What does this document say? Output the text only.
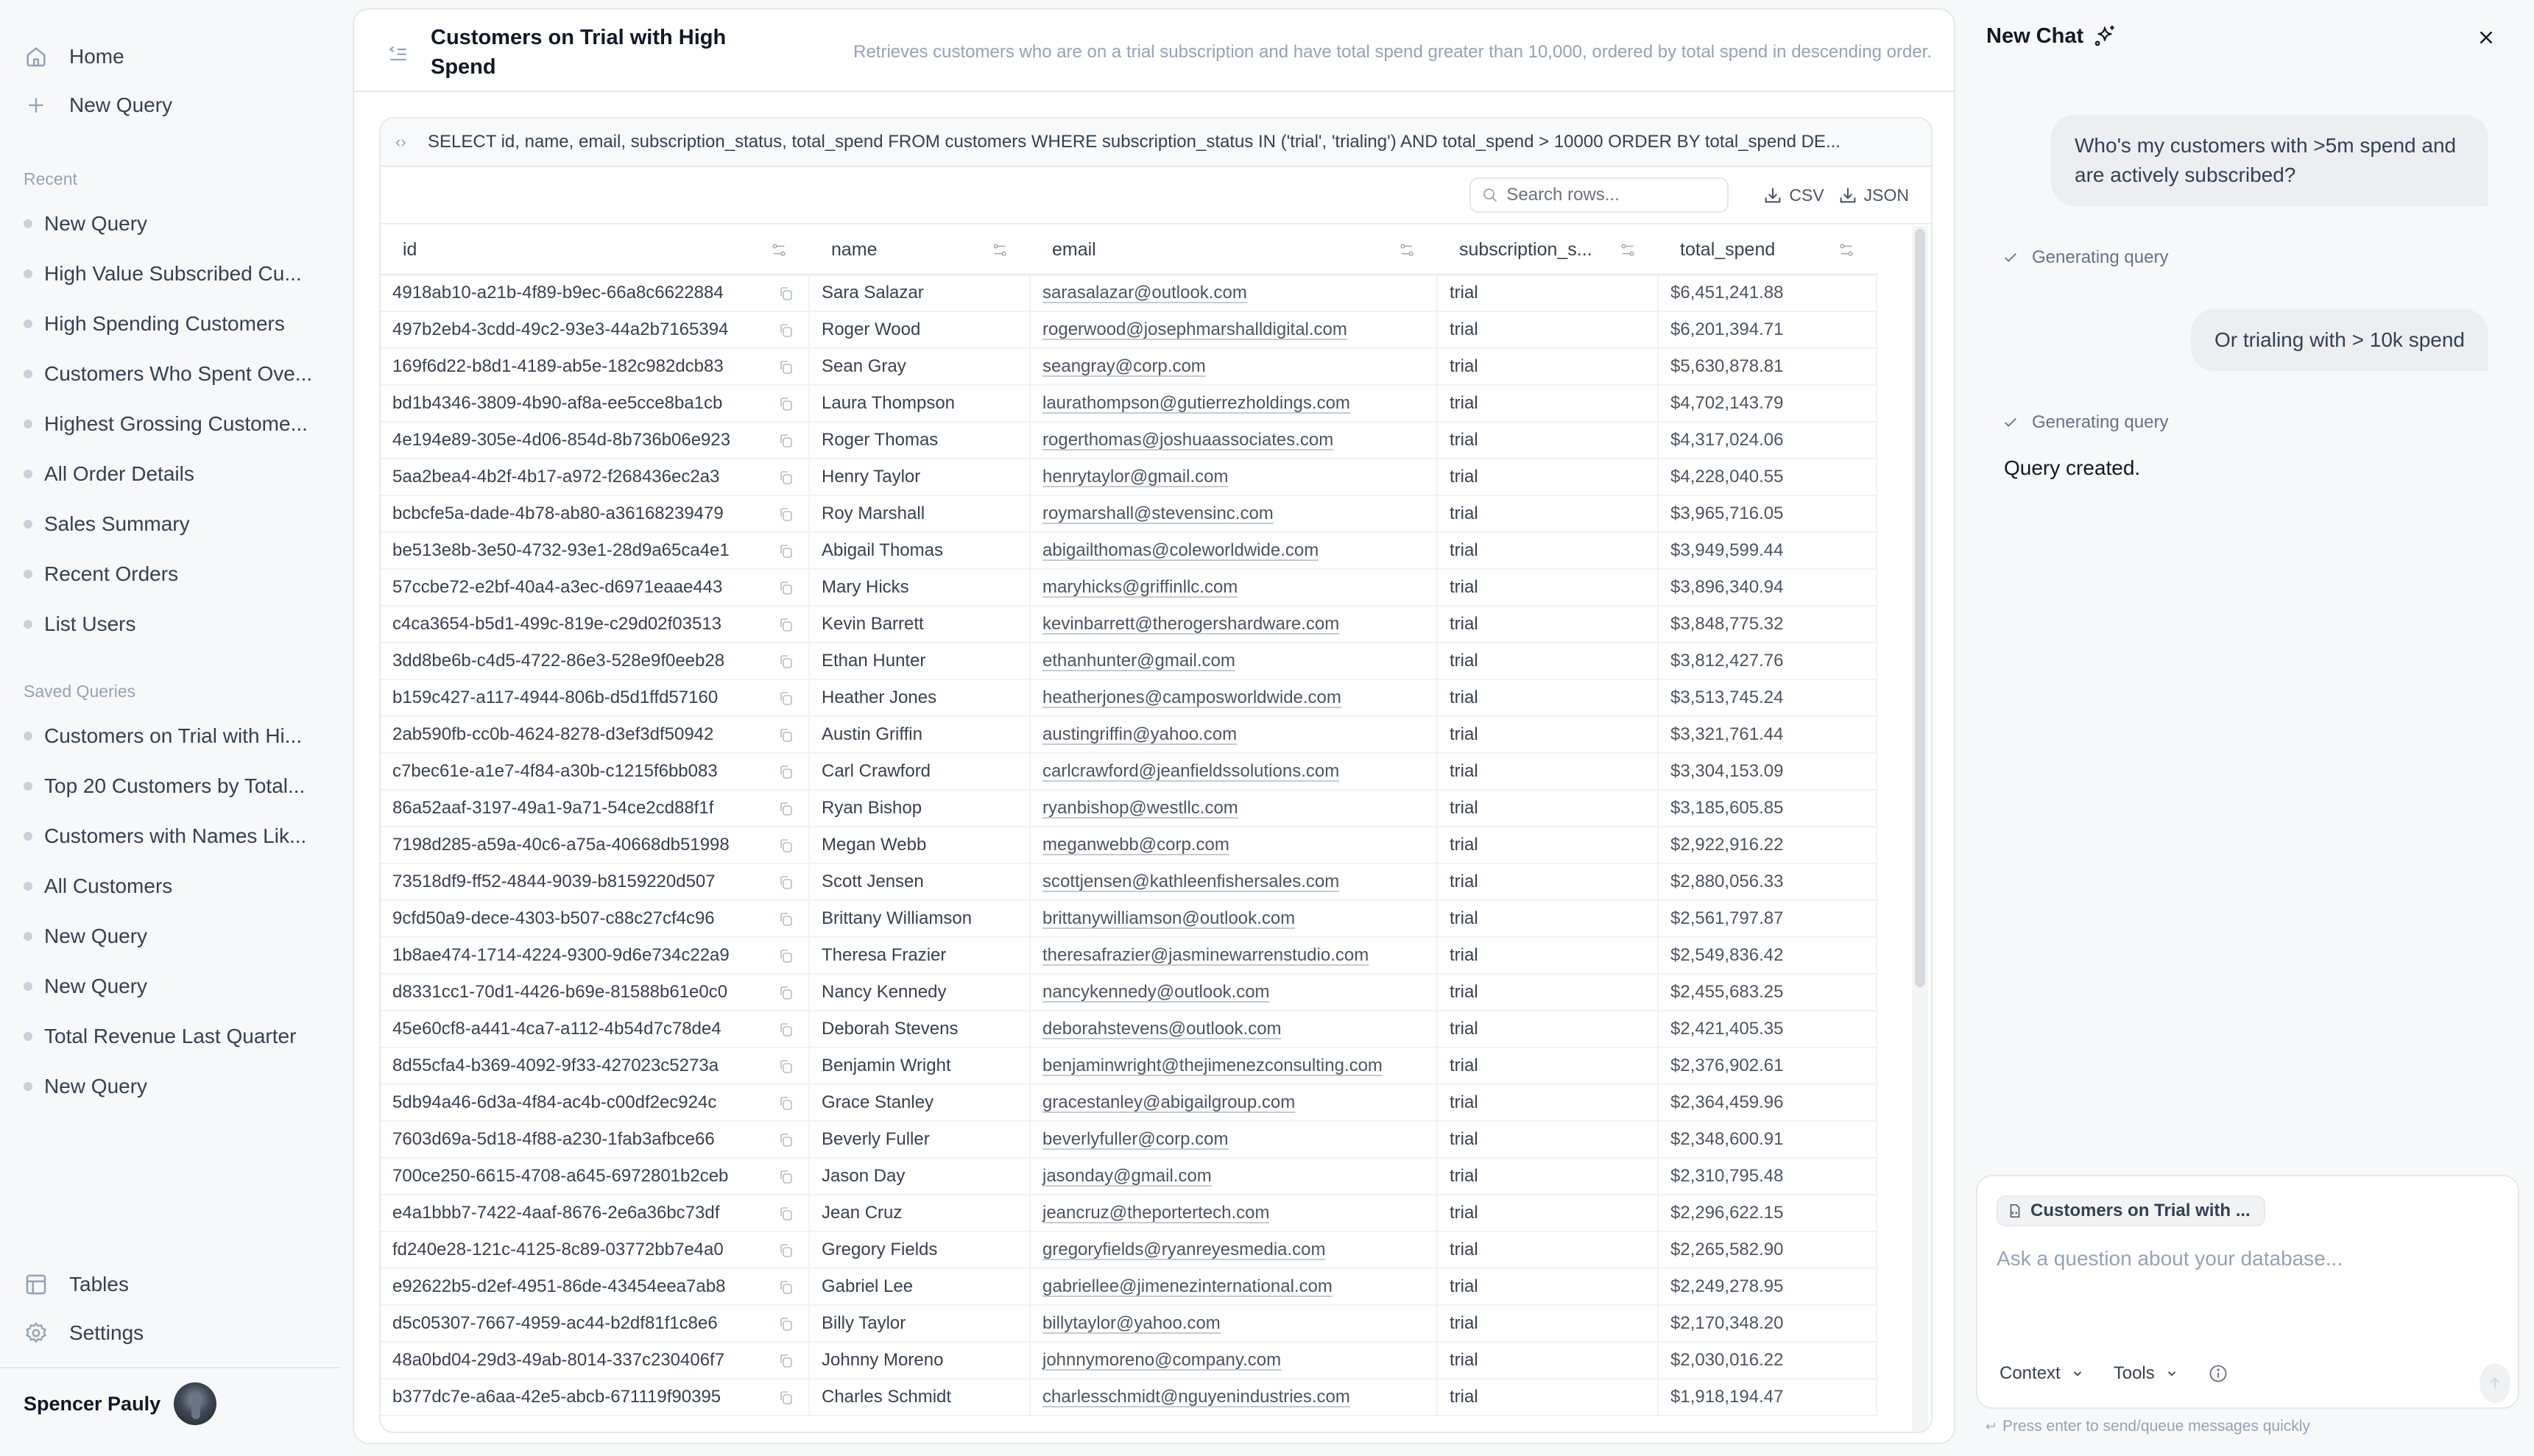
Home
New Query
Recent
New Query
High Value Subscribed Cu...
High Spending Customers
Customers Who Spent Ove...
Highest Grossing Custome...
All Order Details
Sales Summary
Recent Orders
List Users
Saved Queries
Customers on Trial with Hi...
Top 20 Customers by Total...
Customers with Names Lik...
All Customers
New Query
New Query
Total Revenue Last Quarter
New Query
Tables
Settings
Spencer Pauly
Customers on Trial with High Spend

Retrieves customers who are on a trial subscription and have total spend greater than 10,000, ordered by total spend in descending order.

‹›	SELECT id, name, email, subscription_status, total_spend FROM customers WHERE subscription_status IN ('trial', 'trialing') AND total_spend > 10000 ORDER BY total_spend DE...
Search rows...
CSV JSON
id	name	email	subscription_s...	total_spend

4918ab10-a21b-4f89-b9ec-66a8c6622884	Sara Salazar	sarasalazar@outlook.com	trial	$6,451,241.88
497b2eb4-3cdd-49c2-93e3-44a2b7165394	Roger Wood	rogerwood@josephmarshalldigital.com	trial	$6,201,394.71
169f6d22-b8d1-4189-ab5e-182c982dcb83	Sean Gray	seangray@corp.com	trial	$5,630,878.81
bd1b4346-3809-4b90-af8a-ee5cce8ba1cb	Laura Thompson	laurathompson@gutierrezholdings.com	trial	$4,702,143.79
4e194e89-305e-4d06-854d-8b736b06e923	Roger Thomas	rogerthomas@joshuaassociates.com	trial	$4,317,024.06
5aa2bea4-4b2f-4b17-a972-f268436ec2a3	Henry Taylor	henrytaylor@gmail.com	trial	$4,228,040.55
bcbcfe5a-dade-4b78-ab80-a36168239479	Roy Marshall	roymarshall@stevensinc.com	trial	$3,965,716.05
be513e8b-3e50-4732-93e1-28d9a65ca4e1	Abigail Thomas	abigailthomas@coleworldwide.com	trial	$3,949,599.44
57ccbe72-e2bf-40a4-a3ec-d6971eaae443	Mary Hicks	maryhicks@griffinllc.com	trial	$3,896,340.94
c4ca3654-b5d1-499c-819e-c29d02f03513	Kevin Barrett	kevinbarrett@therogershardware.com	trial	$3,848,775.32
3dd8be6b-c4d5-4722-86e3-528e9f0eeb28	Ethan Hunter	ethanhunter@gmail.com	trial	$3,812,427.76
b159c427-a117-4944-806b-d5d1ffd57160	Heather Jones	heatherjones@camposworldwide.com	trial	$3,513,745.24
2ab590fb-cc0b-4624-8278-d3ef3df50942	Austin Griffin	austingriffin@yahoo.com	trial	$3,321,761.44
c7bec61e-a1e7-4f84-a30b-c1215f6bb083	Carl Crawford	carlcrawford@jeanfieldssolutions.com	trial	$3,304,153.09
86a52aaf-3197-49a1-9a71-54ce2cd88f1f	Ryan Bishop	ryanbishop@westllc.com	trial	$3,185,605.85
7198d285-a59a-40c6-a75a-40668db51998	Megan Webb	meganwebb@corp.com	trial	$2,922,916.22
73518df9-ff52-4844-9039-b8159220d507	Scott Jensen	scottjensen@kathleenfishersales.com	trial	$2,880,056.33
9cfd50a9-dece-4303-b507-c88c27cf4c96	Brittany Williamson	brittanywilliamson@outlook.com	trial	$2,561,797.87
1b8ae474-1714-4224-9300-9d6e734c22a9	Theresa Frazier	theresafrazier@jasminewarrenstudio.com	trial	$2,549,836.42
d8331cc1-70d1-4426-b69e-81588b61e0c0	Nancy Kennedy	nancykennedy@outlook.com	trial	$2,455,683.25
45e60cf8-a441-4ca7-a112-4b54d7c78de4	Deborah Stevens	deborahstevens@outlook.com	trial	$2,421,405.35
8d55cfa4-b369-4092-9f33-427023c5273a	Benjamin Wright	benjaminwright@thejimenezconsulting.com	trial	$2,376,902.61
5db94a46-6d3a-4f84-ac4b-c00df2ec924c	Grace Stanley	gracestanley@abigailgroup.com	trial	$2,364,459.96
7603d69a-5d18-4f88-a230-1fab3afbce66	Beverly Fuller	beverlyfuller@corp.com	trial	$2,348,600.91
700ce250-6615-4708-a645-6972801b2ceb	Jason Day	jasonday@gmail.com	trial	$2,310,795.48
e4a1bbb7-7422-4aaf-8676-2e6a36bc73df	Jean Cruz	jeancruz@theportertech.com	trial	$2,296,622.15
fd240e28-121c-4125-8c89-03772bb7e4a0	Gregory Fields	gregoryfields@ryanreyesmedia.com	trial	$2,265,582.90
e92622b5-d2ef-4951-86de-43454eea7ab8	Gabriel Lee	gabriellee@jimenezinternational.com	trial	$2,249,278.95
d5c05307-7667-4959-ac44-b2df81f1c8e6	Billy Taylor	billytaylor@yahoo.com	trial	$2,170,348.20
48a0bd04-29d3-49ab-8014-337c230406f7	Johnny Moreno	johnnymoreno@company.com	trial	$2,030,016.22
b377dc7e-a6aa-42e5-abcb-671119f90395	Charles Schmidt	charlesschmidt@nguyenindustries.com	trial	$1,918,194.47
New Chat
Who's my customers with >5m spend and are actively subscribed?
Generating query
Or trialing with > 10k spend
Generating query
Query created.
Customers on Trial with ...
Ask a question about your database...
Context	Tools
Press enter to send/queue messages quickly
